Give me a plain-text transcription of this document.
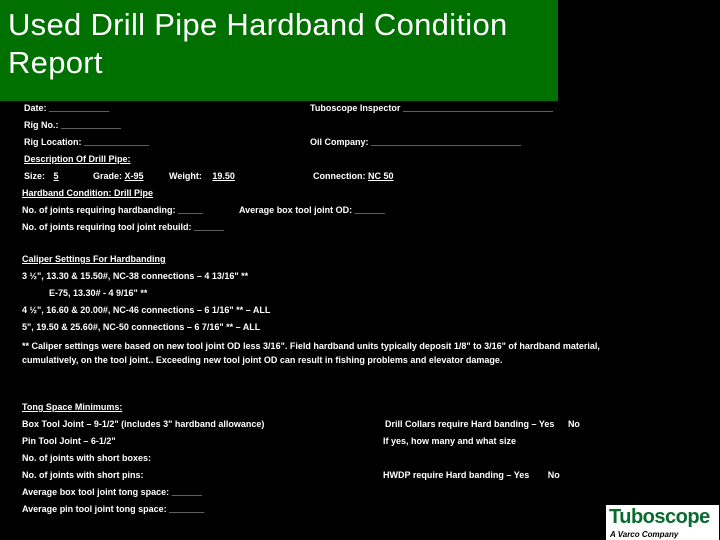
Used Drill Pipe Hardband Condition Report
Date: ____________	Tuboscope Inspector ______________________________
Rig No.: ____________
Rig Location: _____________	Oil Company: ______________________________
Description Of Drill Pipe:
Size: 5	Grade: X-95	Weight: 19.50	Connection: NC 50
Hardband Condition: Drill Pipe
No. of joints requiring hardbanding: _____	Average box tool joint OD: ______
No. of joints requiring tool joint rebuild: ______
Caliper Settings For Hardbanding
3 ½", 13.30 & 15.50#, NC-38 connections – 4 13/16" **
E-75, 13.30# - 4 9/16" **
4 ½", 16.60 & 20.00#, NC-46 connections – 6 1/16" ** – ALL
5", 19.50 & 25.60#, NC-50 connections – 6 7/16" ** – ALL
** Caliper settings were based on new tool joint OD less 3/16". Field hardband units typically deposit 1/8" to 3/16" of hardband material, cumulatively, on the tool joint.. Exceeding new tool joint OD can result in fishing problems and elevator damage.
Tong Space Minimums:
Box Tool Joint – 9-1/2" (includes 3" hardband allowance)	Drill Collars require Hard banding – Yes No
Pin Tool Joint – 6-1/2"	If yes, how many and what size
No. of joints with short boxes:
No. of joints with short pins:	HWDP require Hard banding – Yes No
Average box tool joint tong space: ______
Average pin tool joint tong space: _______	Tuboscope
A Varco Company
